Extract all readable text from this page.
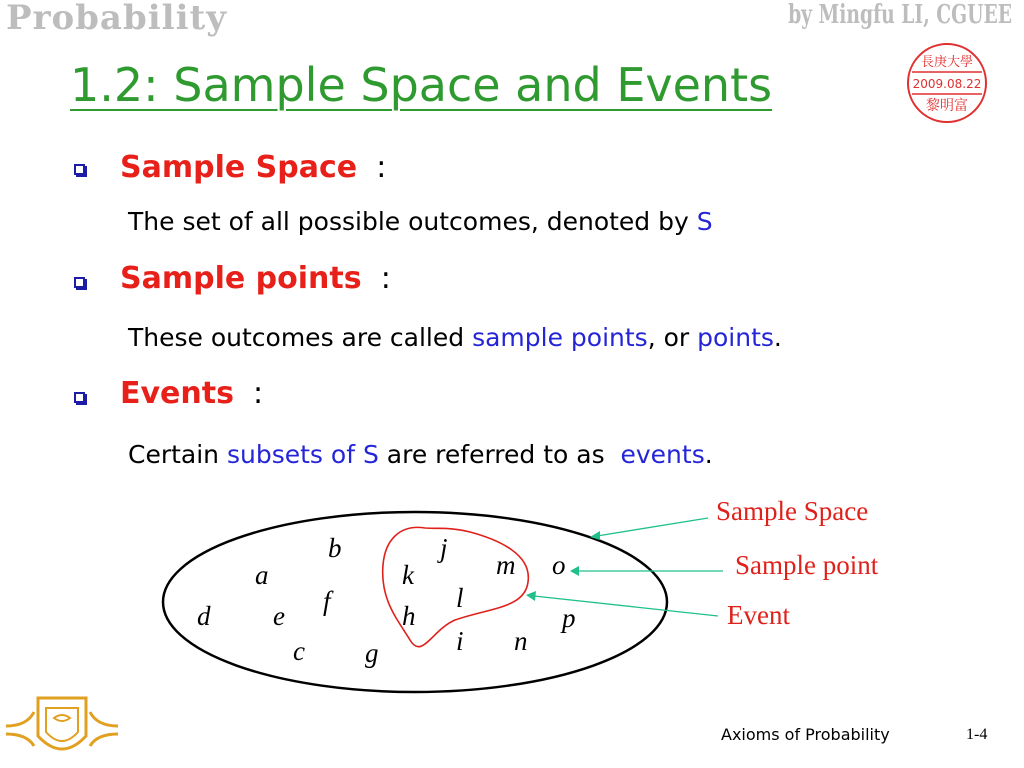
Probability	by Mingfu LI, CGUEE
長庚大學
2009.08.22
黎明富
1.2: Sample Space and Events
Sample Space :
The set of all possible outcomes, denoted by S
Sample points :
These outcomes are called sample points, or points.
Events :
Certain subsets of S are referred to as  events.
b	j
a	k	m o
f	l
d e	h	p
i n
c g
Sample Space
Sample point
Event
Axioms of Probability	1-4
